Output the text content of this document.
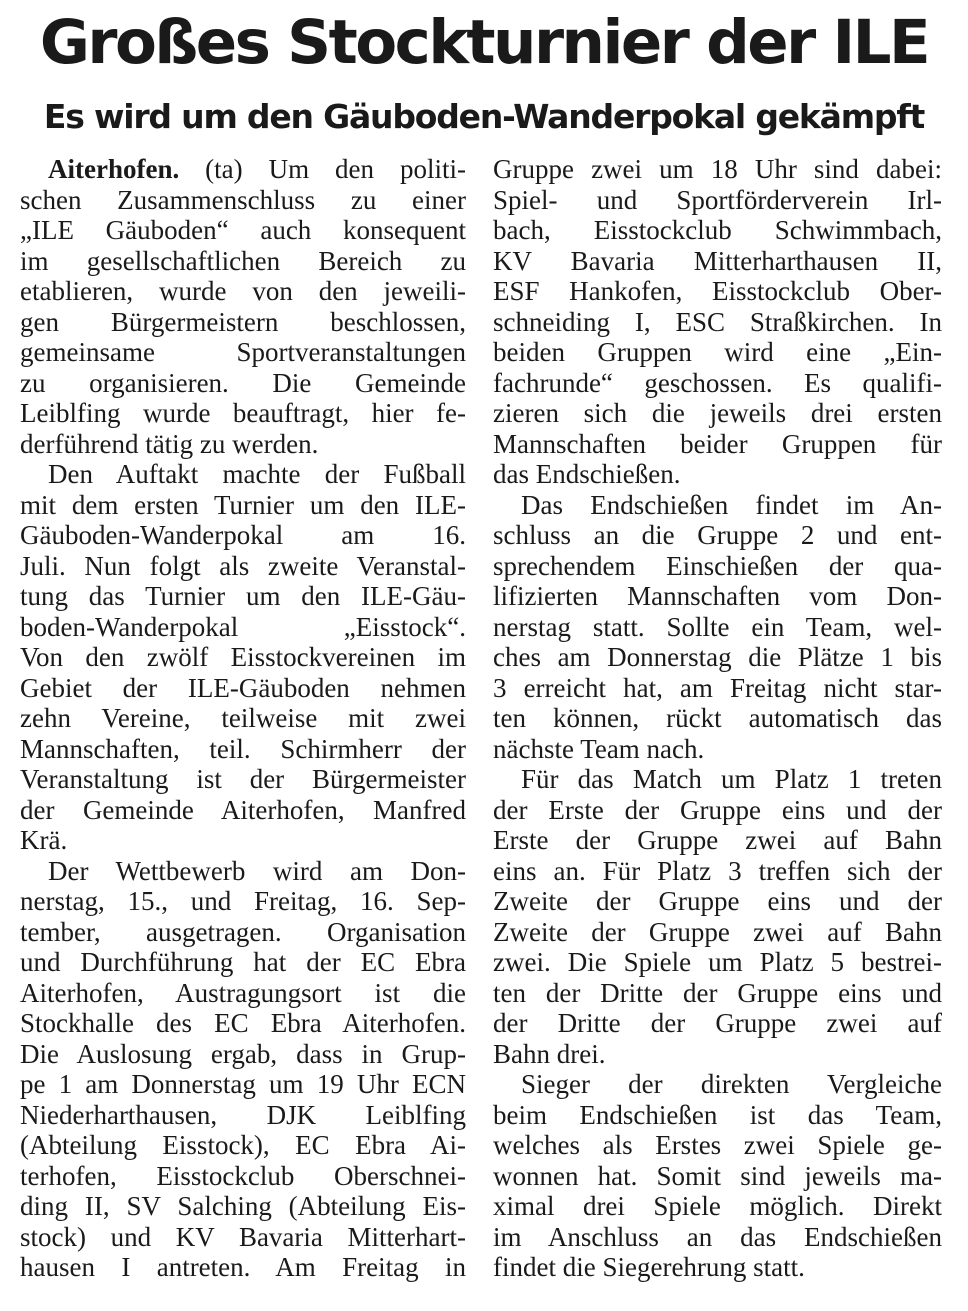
Großes Stockturnier der ILE
Es wird um den Gäuboden-Wanderpokal gekämpft
Aiterhofen. (ta) Um den politi-
schen Zusammenschluss zu einer
„ILE Gäuboden“ auch konsequent
im gesellschaftlichen Bereich zu
etablieren, wurde von den jeweili-
gen Bürgermeistern beschlossen,
gemeinsame Sportveranstaltungen
zu organisieren. Die Gemeinde
Leiblfing wurde beauftragt, hier fe-
derführend tätig zu werden.
Den Auftakt machte der Fußball
mit dem ersten Turnier um den ILE-
Gäuboden-Wanderpokal am 16.
Juli. Nun folgt als zweite Veranstal-
tung das Turnier um den ILE-Gäu-
boden-Wanderpokal „Eisstock“.
Von den zwölf Eisstockvereinen im
Gebiet der ILE-Gäuboden nehmen
zehn Vereine, teilweise mit zwei
Mannschaften, teil. Schirmherr der
Veranstaltung ist der Bürgermeister
der Gemeinde Aiterhofen, Manfred
Krä.
Der Wettbewerb wird am Don-
nerstag, 15., und Freitag, 16. Sep-
tember, ausgetragen. Organisation
und Durchführung hat der EC Ebra
Aiterhofen, Austragungsort ist die
Stockhalle des EC Ebra Aiterhofen.
Die Auslosung ergab, dass in Grup-
pe 1 am Donnerstag um 19 Uhr ECN
Niederharthausen, DJK Leiblfing
(Abteilung Eisstock), EC Ebra Ai-
terhofen, Eisstockclub Oberschnei-
ding II, SV Salching (Abteilung Eis-
stock) und KV Bavaria Mitterhart-
hausen I antreten. Am Freitag in
Gruppe zwei um 18 Uhr sind dabei:
Spiel- und Sportförderverein Irl-
bach, Eisstockclub Schwimmbach,
KV Bavaria Mitterharthausen II,
ESF Hankofen, Eisstockclub Ober-
schneiding I, ESC Straßkirchen. In
beiden Gruppen wird eine „Ein-
fachrunde“ geschossen. Es qualifi-
zieren sich die jeweils drei ersten
Mannschaften beider Gruppen für
das Endschießen.
Das Endschießen findet im An-
schluss an die Gruppe 2 und ent-
sprechendem Einschießen der qua-
lifizierten Mannschaften vom Don-
nerstag statt. Sollte ein Team, wel-
ches am Donnerstag die Plätze 1 bis
3 erreicht hat, am Freitag nicht star-
ten können, rückt automatisch das
nächste Team nach.
Für das Match um Platz 1 treten
der Erste der Gruppe eins und der
Erste der Gruppe zwei auf Bahn
eins an. Für Platz 3 treffen sich der
Zweite der Gruppe eins und der
Zweite der Gruppe zwei auf Bahn
zwei. Die Spiele um Platz 5 bestrei-
ten der Dritte der Gruppe eins und
der Dritte der Gruppe zwei auf
Bahn drei.
Sieger der direkten Vergleiche
beim Endschießen ist das Team,
welches als Erstes zwei Spiele ge-
wonnen hat. Somit sind jeweils ma-
ximal drei Spiele möglich. Direkt
im Anschluss an das Endschießen
findet die Siegerehrung statt.
